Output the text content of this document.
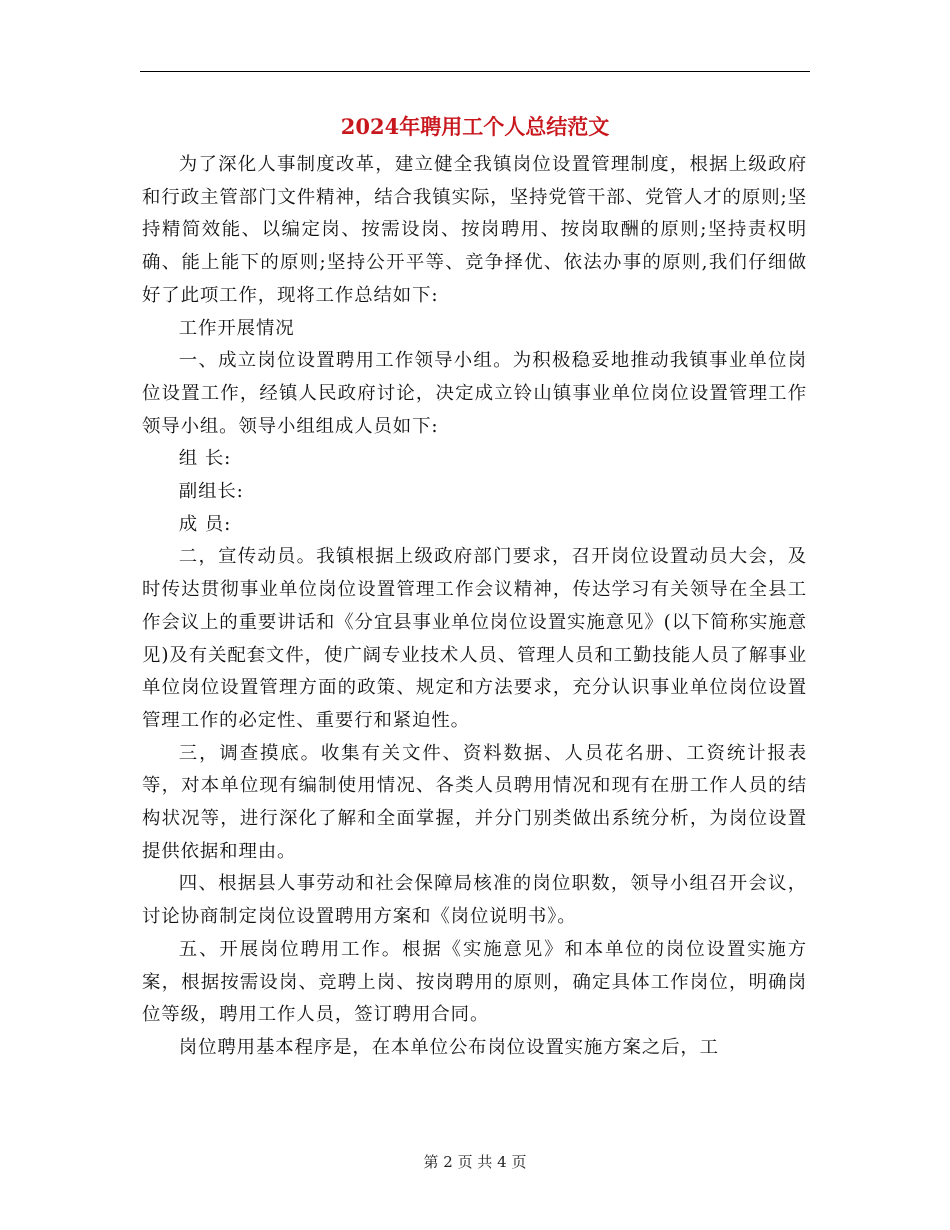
2024年聘用工个人总结范文

为了深化人事制度改革，建立健全我镇岗位设置管理制度，根据上级政府和行政主管部门文件精神，结合我镇实际，坚持党管干部、党管人才的原则;坚持精简效能、以编定岗、按需设岗、按岗聘用、按岗取酬的原则;坚持责权明确、能上能下的原则;坚持公开平等、竞争择优、依法办事的原则,我们仔细做好了此项工作，现将工作总结如下:

工作开展情况

一、成立岗位设置聘用工作领导小组。为积极稳妥地推动我镇事业单位岗位设置工作，经镇人民政府讨论，决定成立铃山镇事业单位岗位设置管理工作领导小组。领导小组组成人员如下:

组 长:

副组长:

成 员:

二，宣传动员。我镇根据上级政府部门要求，召开岗位设置动员大会，及时传达贯彻事业单位岗位设置管理工作会议精神，传达学习有关领导在全县工作会议上的重要讲话和《分宜县事业单位岗位设置实施意见》(以下简称实施意见)及有关配套文件，使广阔专业技术人员、管理人员和工勤技能人员了解事业单位岗位设置管理方面的政策、规定和方法要求，充分认识事业单位岗位设置管理工作的必定性、重要行和紧迫性。

三，调查摸底。收集有关文件、资料数据、人员花名册、工资统计报表等，对本单位现有编制使用情况、各类人员聘用情况和现有在册工作人员的结构状况等，进行深化了解和全面掌握，并分门别类做出系统分析，为岗位设置提供依据和理由。

四、根据县人事劳动和社会保障局核准的岗位职数，领导小组召开会议，讨论协商制定岗位设置聘用方案和《岗位说明书》。

五、开展岗位聘用工作。根据《实施意见》和本单位的岗位设置实施方案，根据按需设岗、竞聘上岗、按岗聘用的原则，确定具体工作岗位，明确岗位等级，聘用工作人员，签订聘用合同。

岗位聘用基本程序是，在本单位公布岗位设置实施方案之后，工

第 2 页 共 4 页
